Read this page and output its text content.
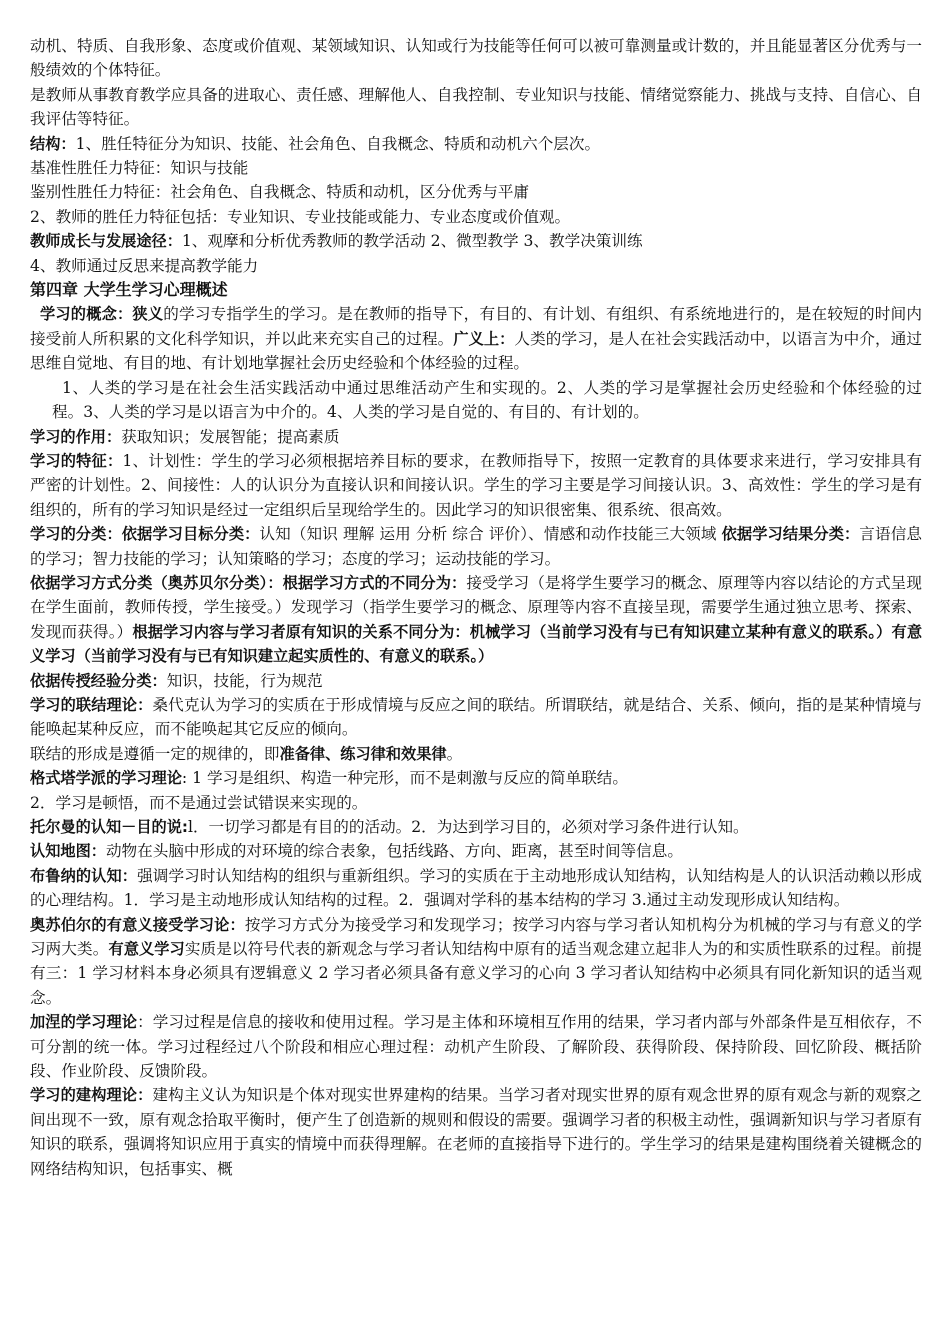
动机、特质、自我形象、态度或价值观、某领域知识、认知或行为技能等任何可以被可靠测量或计数的，并且能显著区分优秀与一般绩效的个体特征。

是教师从事教育教学应具备的进取心、责任感、理解他人、自我控制、专业知识与技能、情绪觉察能力、挑战与支持、自信心、自我评估等特征。

结构：1、胜任特征分为知识、技能、社会角色、自我概念、特质和动机六个层次。

基准性胜任力特征：知识与技能

鉴别性胜任力特征：社会角色、自我概念、特质和动机，区分优秀与平庸

2、教师的胜任力特征包括：专业知识、专业技能或能力、专业态度或价值观。

教师成长与发展途径：1、观摩和分析优秀教师的教学活动 2、微型教学 3、教学决策训练

4、教师通过反思来提高教学能力

第四章 大学生学习心理概述

学习的概念：狭义的学习专指学生的学习。是在教师的指导下，有目的、有计划、有组织、有系统地进行的，是在较短的时间内接受前人所积累的文化科学知识，并以此来充实自己的过程。广义上：人类的学习，是人在社会实践活动中，以语言为中介，通过思维自觉地、有目的地、有计划地掌握社会历史经验和个体经验的过程。

1、人类的学习是在社会生活实践活动中通过思维活动产生和实现的。2、人类的学习是掌握社会历史经验和个体经验的过程。3、人类的学习是以语言为中介的。4、人类的学习是自觉的、有目的、有计划的。

学习的作用：获取知识；发展智能；提高素质

学习的特征：1、计划性：学生的学习必须根据培养目标的要求，在教师指导下，按照一定教育的具体要求来进行，学习安排具有严密的计划性。2、间接性：人的认识分为直接认识和间接认识。学生的学习主要是学习间接认识。3、高效性：学生的学习是有组织的，所有的学习知识是经过一定组织后呈现给学生的。因此学习的知识很密集、很系统、很高效。

学习的分类：依据学习目标分类：认知（知识 理解 运用 分析 综合 评价）、情感和动作技能三大领域 依据学习结果分类：言语信息的学习；智力技能的学习；认知策略的学习；态度的学习；运动技能的学习。

依据学习方式分类（奥苏贝尔分类）：根据学习方式的不同分为：接受学习（是将学生要学习的概念、原理等内容以结论的方式呈现在学生面前，教师传授，学生接受。）发现学习（指学生要学习的概念、原理等内容不直接呈现，需要学生通过独立思考、探索、发现而获得。）根据学习内容与学习者原有知识的关系不同分为：机械学习（当前学习没有与已有知识建立某种有意义的联系。）有意义学习（当前学习没有与已有知识建立起实质性的、有意义的联系。）

依据传授经验分类：知识，技能，行为规范

学习的联结理论：桑代克认为学习的实质在于形成情境与反应之间的联结。所谓联结，就是结合、关系、倾向，指的是某种情境与能唤起某种反应，而不能唤起其它反应的倾向。

联结的形成是遵循一定的规律的，即准备律、练习律和效果律。

格式塔学派的学习理论: 1 学习是组织、构造一种完形，而不是刺激与反应的简单联结。

2．学习是顿悟，而不是通过尝试错误来实现的。

托尔曼的认知－目的说:l．一切学习都是有目的的活动。2．为达到学习目的，必须对学习条件进行认知。

认知地图：动物在头脑中形成的对环境的综合表象，包括线路、方向、距离，甚至时间等信息。

布鲁纳的认知：强调学习时认知结构的组织与重新组织。学习的实质在于主动地形成认知结构，认知结构是人的认识活动赖以形成的心理结构。1．学习是主动地形成认知结构的过程。2．强调对学科的基本结构的学习 3.通过主动发现形成认知结构。

奥苏伯尔的有意义接受学习论：按学习方式分为接受学习和发现学习；按学习内容与学习者认知机构分为机械的学习与有意义的学习两大类。有意义学习实质是以符号代表的新观念与学习者认知结构中原有的适当观念建立起非人为的和实质性联系的过程。前提有三：1 学习材料本身必须具有逻辑意义 2 学习者必须具备有意义学习的心向 3 学习者认知结构中必须具有同化新知识的适当观念。

加涅的学习理论：学习过程是信息的接收和使用过程。学习是主体和环境相互作用的结果，学习者内部与外部条件是互相依存，不可分割的统一体。学习过程经过八个阶段和相应心理过程：动机产生阶段、了解阶段、获得阶段、保持阶段、回忆阶段、概括阶段、作业阶段、反馈阶段。

学习的建构理论：建构主义认为知识是个体对现实世界建构的结果。当学习者对现实世界的原有观念世界的原有观念与新的观察之间出现不一致，原有观念拾取平衡时，便产生了创造新的规则和假设的需要。强调学习者的积极主动性，强调新知识与学习者原有知识的联系，强调将知识应用于真实的情境中而获得理解。在老师的直接指导下进行的。学生学习的结果是建构围绕着关键概念的网络结构知识，包括事实、概
